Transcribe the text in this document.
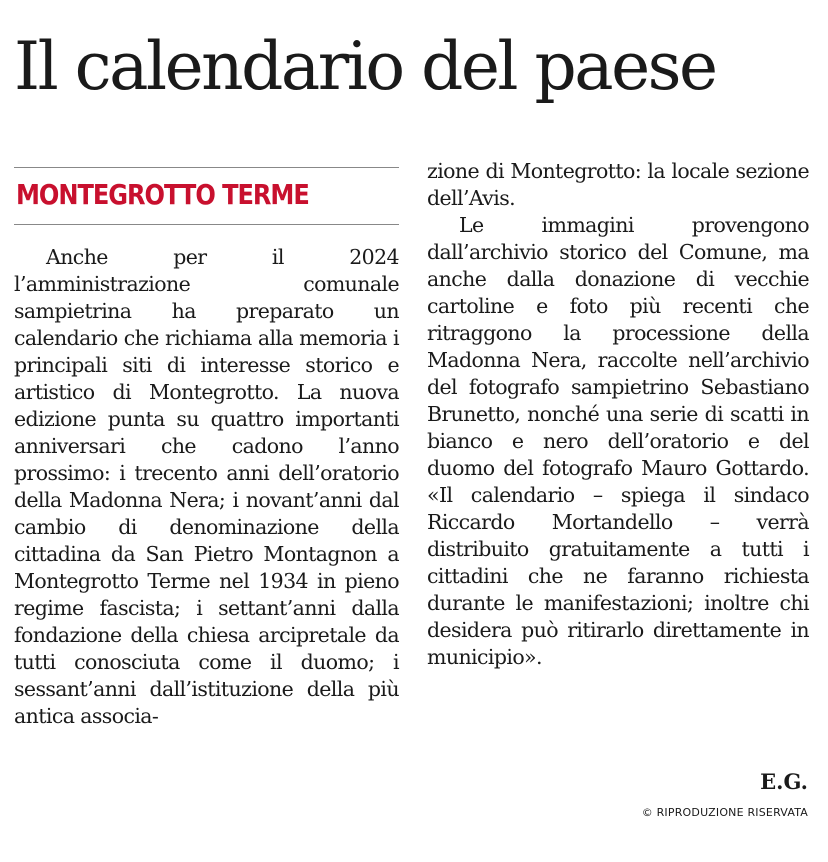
Il calendario del paese
MONTEGROTTO TERME

Anche per il 2024 l’amministrazione comunale sampietrina ha preparato un calendario che richiama alla memoria i principali siti di interesse storico e artistico di Montegrotto. La nuova edizione punta su quattro importanti anniversari che cadono l’anno prossimo: i trecento anni dell’oratorio della Madonna Nera; i novant’anni dal cambio di denominazione della cittadina da San Pietro Montagnon a Montegrotto Terme nel 1934 in pieno regime fascista; i settant’anni dalla fondazione della chiesa arcipretale da tutti conosciuta come il duomo; i sessant’anni dall’istituzione della più antica associa-

zione di Montegrotto: la locale sezione dell’Avis.

Le immagini provengono dall’archivio storico del Comune, ma anche dalla donazione di vecchie cartoline e foto più recenti che ritraggono la processione della Madonna Nera, raccolte nell’archivio del fotografo sampietrino Sebastiano Brunetto, nonché una serie di scatti in bianco e nero dell’oratorio e del duomo del fotografo Mauro Gottardo. «Il calendario – spiega il sindaco Riccardo Mortandello – verrà distribuito gratuitamente a tutti i cittadini che ne faranno richiesta durante le manifestazioni; inoltre chi desidera può ritirarlo direttamente in municipio».

E.G.
© RIPRODUZIONE RISERVATA
